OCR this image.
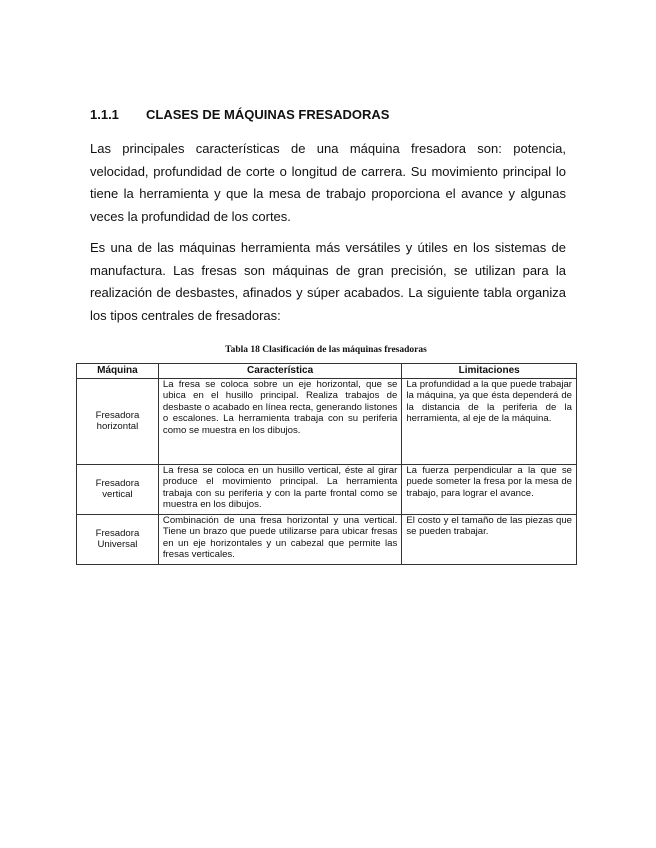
1.1.1 CLASES DE MÁQUINAS FRESADORAS
Las principales características de una máquina fresadora son: potencia, velocidad, profundidad de corte o longitud de carrera. Su movimiento principal lo tiene la herramienta y que la mesa de trabajo proporciona el avance y algunas veces la profundidad de los cortes.
Es una de las máquinas herramienta más versátiles y útiles en los sistemas de manufactura. Las fresas son máquinas de gran precisión, se utilizan para la realización de desbastes, afinados y súper acabados. La siguiente tabla organiza los tipos centrales de fresadoras:
Tabla 18 Clasificación de las máquinas fresadoras
Máquina	Característica	Limitaciones
Fresadora horizontal	La fresa se coloca sobre un eje horizontal, que se ubica en el husillo principal. Realiza trabajos de desbaste o acabado en línea recta, generando listones o escalones. La herramienta trabaja con su periferia como se muestra en los dibujos.	La profundidad a la que puede trabajar la máquina, ya que ésta dependerá de la distancia de la periferia de la herramienta, al eje de la máquina.
Fresadora vertical	La fresa se coloca en un husillo vertical, éste al girar produce el movimiento principal. La herramienta trabaja con su periferia y con la parte frontal como se muestra en los dibujos.	La fuerza perpendicular a la que se puede someter la fresa por la mesa de trabajo, para lograr el avance.
Fresadora Universal	Combinación de una fresa horizontal y una vertical. Tiene un brazo que puede utilizarse para ubicar fresas en un eje horizontales y un cabezal que permite las fresas verticales.	El costo y el tamaño de las piezas que se pueden trabajar.
